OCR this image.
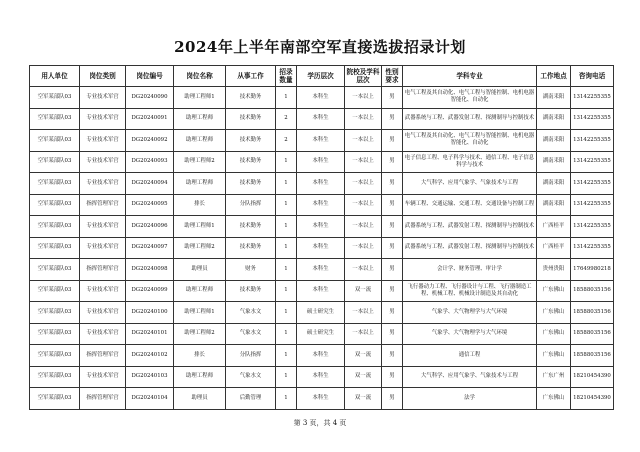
2024年上半年南部空军直接选拔招录计划
用人单位	岗位类别	岗位编号	岗位名称	从事工作	招录数量	学历层次	院校及学科层次	性别要求	学科专业	工作地点	咨询电话
空军某部队03	专业技术军官	DG20240090	助理工程师1	技术勤务	1	本科生	一本以上	男	电气工程及其自动化、电气工程与智能控制、电机电器智能化、自动化	湖南耒阳	13142255355
空军某部队03	专业技术军官	DG20240091	助理工程师	技术勤务	2	本科生	一本以上	男	武器系统与工程、武器发射工程、探测制导与控制技术	湖南耒阳	13142255355
空军某部队03	专业技术军官	DG20240092	助理工程师	技术勤务	2	本科生	一本以上	男	电气工程及其自动化、电气工程与智能控制、电机电器智能化、自动化	湖南耒阳	13142255355
空军某部队03	专业技术军官	DG20240093	助理工程师2	技术勤务	1	本科生	一本以上	男	电子信息工程、电子科学与技术、通信工程、电子信息科学与技术	湖南耒阳	13142255355
空军某部队03	专业技术军官	DG20240094	助理工程师	技术勤务	1	本科生	一本以上	男	大气科学、应用气象学、气象技术与工程	湖南耒阳	13142255355
空军某部队03	指挥管理军官	DG20240095	排长	分队指挥	1	本科生	一本以上	男	车辆工程、交通运输、交通工程、交通设备与控制工程	湖南耒阳	13142255355
空军某部队03	专业技术军官	DG20240096	助理工程师1	技术勤务	1	本科生	一本以上	男	武器系统与工程、武器发射工程、探测制导与控制技术	广西桂平	13142255355
空军某部队03	专业技术军官	DG20240097	助理工程师2	技术勤务	1	本科生	一本以上	男	武器系统与工程、武器发射工程、探测制导与控制技术	广西桂平	13142255355
空军某部队03	指挥管理军官	DG20240098	助理员	财务	1	本科生	一本以上	男	会计学、财务管理、审计学	贵州贵阳	17649980218
空军某部队03	专业技术军官	DG20240099	助理工程师	技术勤务	1	本科生	双一流	男	飞行器动力工程、飞行器设计与工程、飞行器制造工程、机械工程、机械设计制造及其自动化	广东佛山	18588035156
空军某部队03	专业技术军官	DG20240100	助理工程师1	气象水文	1	硕士研究生	一本以上	男	气象学、大气物理学与大气环境	广东佛山	18588035156
空军某部队03	专业技术军官	DG20240101	助理工程师2	气象水文	1	硕士研究生	一本以上	男	气象学、大气物理学与大气环境	广东佛山	18588035156
空军某部队03	指挥管理军官	DG20240102	排长	分队指挥	1	本科生	双一流	男	通信工程	广东佛山	18588035156
空军某部队03	专业技术军官	DG20240103	助理工程师	气象水文	1	本科生	双一流	男	大气科学、应用气象学、气象技术与工程	广东广州	18210454390
空军某部队03	指挥管理军官	DG20240104	助理员	后勤管理	1	本科生	双一流	男	法学	广东佛山	18210454390
第 3 页，共 4 页
